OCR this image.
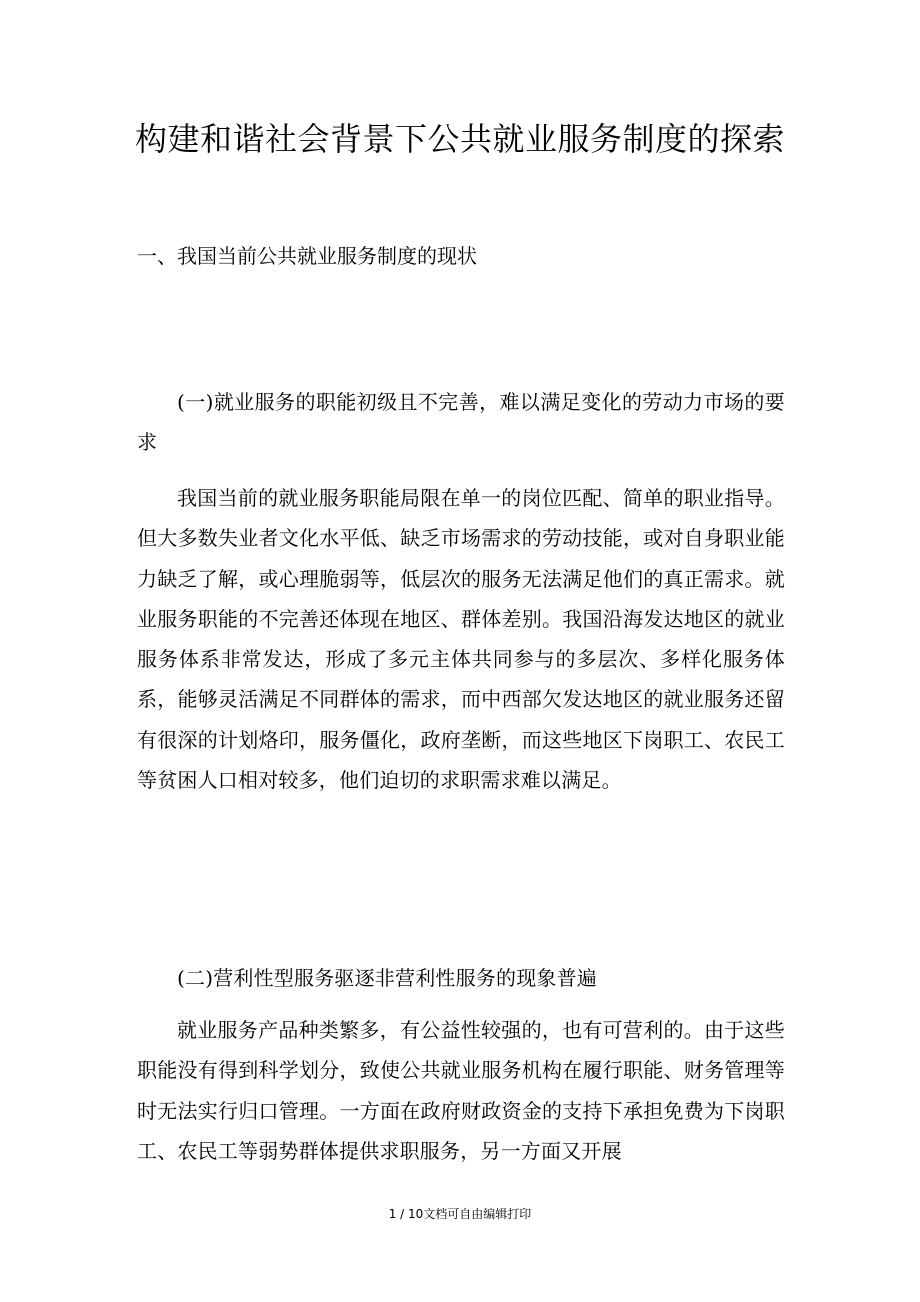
构建和谐社会背景下公共就业服务制度的探索
一、我国当前公共就业服务制度的现状

(一)就业服务的职能初级且不完善，难以满足变化的劳动力市场的要求

我国当前的就业服务职能局限在单一的岗位匹配、简单的职业指导。但大多数失业者文化水平低、缺乏市场需求的劳动技能，或对自身职业能力缺乏了解，或心理脆弱等，低层次的服务无法满足他们的真正需求。就业服务职能的不完善还体现在地区、群体差别。我国沿海发达地区的就业服务体系非常发达，形成了多元主体共同参与的多层次、多样化服务体系，能够灵活满足不同群体的需求，而中西部欠发达地区的就业服务还留有很深的计划烙印，服务僵化，政府垄断，而这些地区下岗职工、农民工等贫困人口相对较多，他们迫切的求职需求难以满足。

(二)营利性型服务驱逐非营利性服务的现象普遍

就业服务产品种类繁多，有公益性较强的，也有可营利的。由于这些职能没有得到科学划分，致使公共就业服务机构在履行职能、财务管理等时无法实行归口管理。一方面在政府财政资金的支持下承担免费为下岗职工、农民工等弱势群体提供求职服务，另一方面又开展

1 / 10文档可自由编辑打印
